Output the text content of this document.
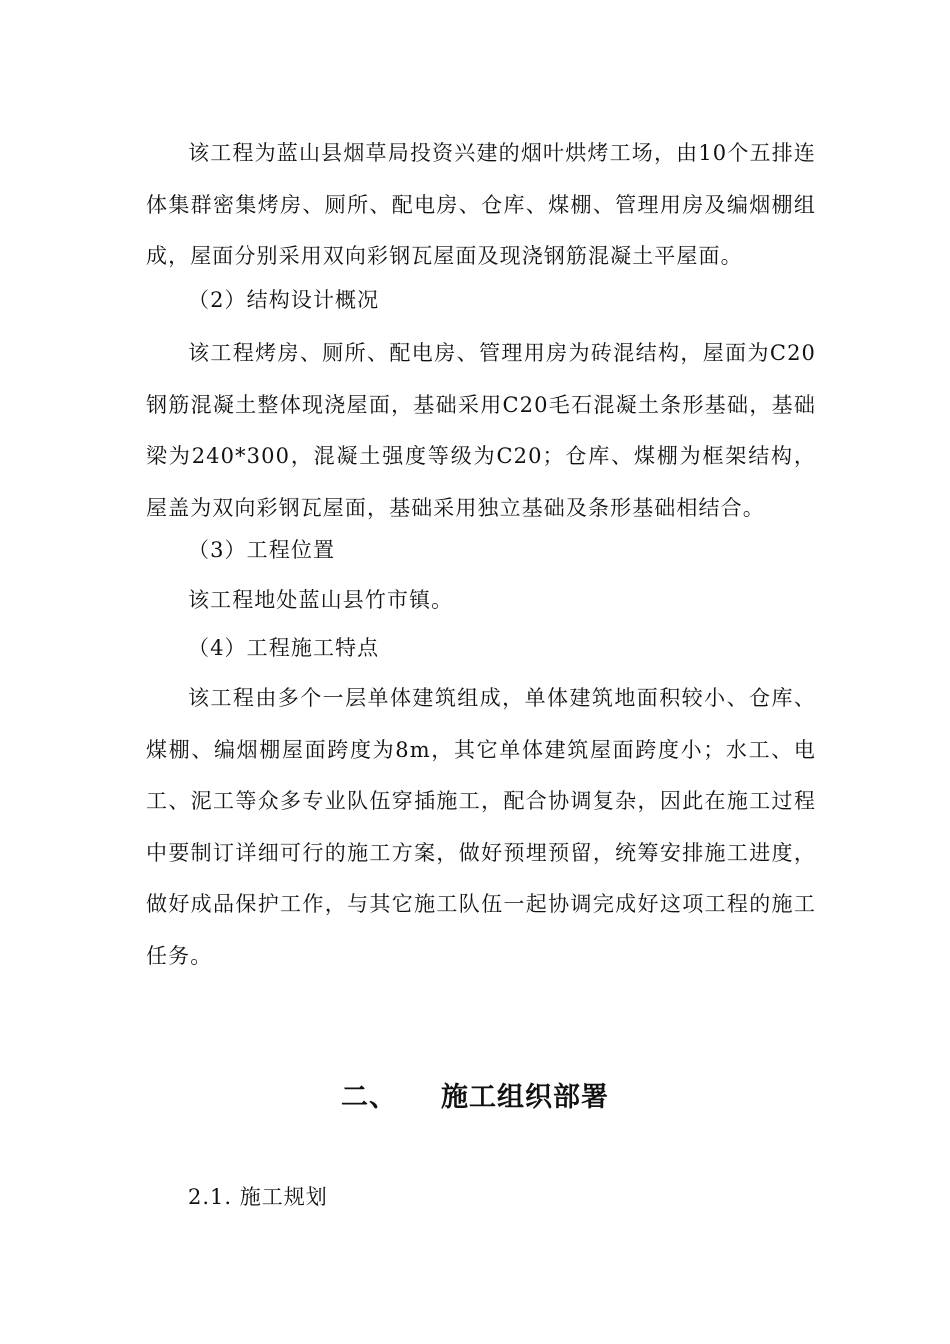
该工程为蓝山县烟草局投资兴建的烟叶烘烤工场，由10个五排连体集群密集烤房、厕所、配电房、仓库、煤棚、管理用房及编烟棚组成，屋面分别采用双向彩钢瓦屋面及现浇钢筋混凝土平屋面。

（2）结构设计概况

该工程烤房、厕所、配电房、管理用房为砖混结构，屋面为C20钢筋混凝土整体现浇屋面，基础采用C20毛石混凝土条形基础，基础梁为240*300，混凝土强度等级为C20；仓库、煤棚为框架结构，屋盖为双向彩钢瓦屋面，基础采用独立基础及条形基础相结合。

（3）工程位置

该工程地处蓝山县竹市镇。

（4）工程施工特点

该工程由多个一层单体建筑组成，单体建筑地面积较小、仓库、煤棚、编烟棚屋面跨度为8m，其它单体建筑屋面跨度小；水工、电工、泥工等众多专业队伍穿插施工，配合协调复杂，因此在施工过程中要制订详细可行的施工方案，做好预埋预留，统筹安排施工进度，做好成品保护工作，与其它施工队伍一起协调完成好这项工程的施工任务。

二、 施工组织部署

2.1. 施工规划
